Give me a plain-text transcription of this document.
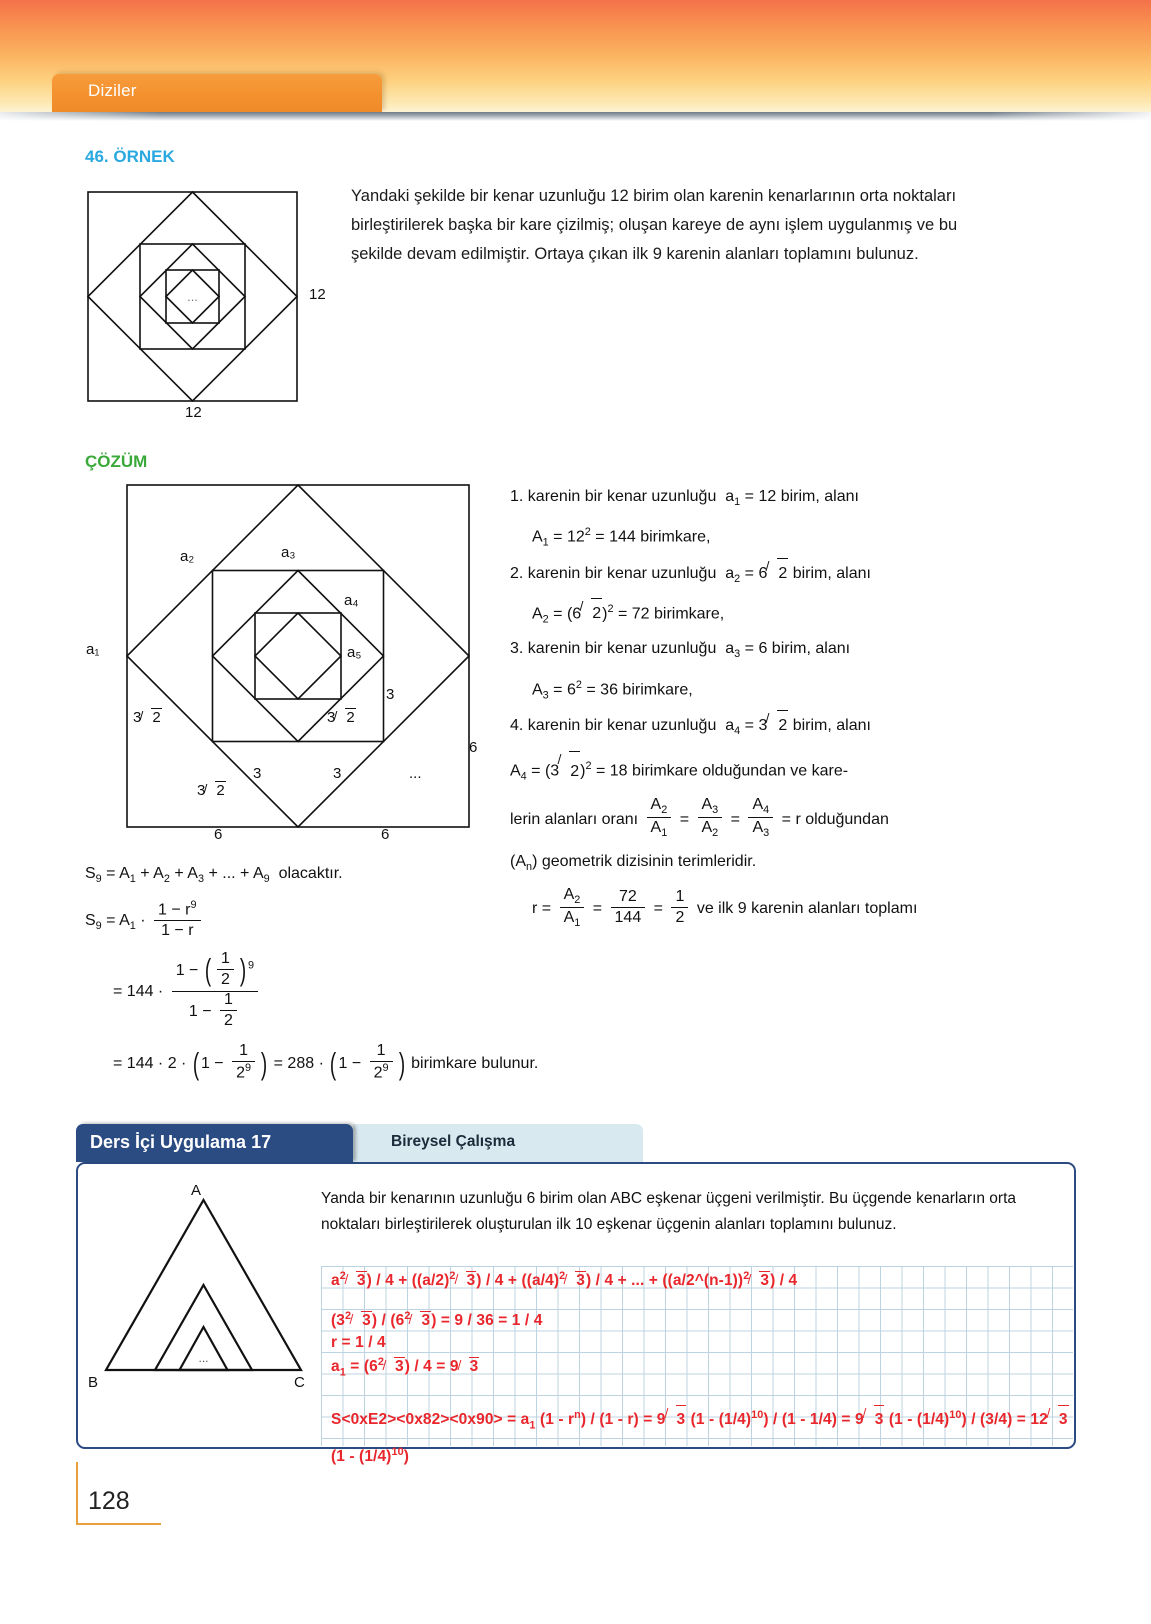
Diziler
46. ÖRNEK
Yandaki şekilde bir kenar uzunluğu 12 birim olan karenin kenarlarının orta noktaları birleştirilerek başka bir kare çizilmiş; oluşan kareye de aynı işlem uygulanmış ve bu şekilde devam edilmiştir. Ortaya çıkan ilk 9 karenin alanları toplamını bulunuz.
...	12
12
ÇÖZÜM
a₂	a₃
a₄
a₅
a₁
3
6
3	3	...
6	6
3 2
3 2
3 2
1. karenin bir kenar uzunluğu  $a_1 = 12$ birim, alanı
$A_1 = 12^2 = 144$ birimkare,
2. karenin bir kenar uzunluğu  $a_2 = 6$ 2 birim, alanı
$A_2 = (6$ 2)$^2$ = 72 birimkare,
3. karenin bir kenar uzunluğu  $a_3 = 6$ birim, alanı
$A_3 = 6^2 = 36$ birimkare,
4. karenin bir kenar uzunluğu  $a_4 = 3$ 2 birim, alanı
$A_4 = (3$ 2)$^2$ = 18 birimkare olduğundan ve kare-
lerin alanları oranı $\frac{A_2}{A_1} = \frac{A_3}{A_2} = \frac{A_4}{A_3} = r$ olduğundan
$(A_n)$ geometrik dizisinin terimleridir.
$r = \frac{A_2}{A_1} = \frac{72}{144} = \frac{1}{2}$ ve ilk 9 karenin alanları toplamı
$S_9 = A_1 + A_2 + A_3$ + ... + $A_9$ olacaktır.
$S_9 = A_1 \cdot \frac{1 - r^9}{1 - r}$
= $144 \cdot \frac{1 - ( \frac{1}{2} ) ^9}{1 - \frac{1}{2}}$
= 144 · 2 · ( $1 - \frac{1}{2^9}$ ) = 288 · ( $1 - \frac{1}{2^9}$ ) birimkare bulunur.
Bireysel Çalışma
Ders İçi Uygulama 17
Yanda bir kenarının uzunluğu 6 birim olan ABC eşkenar üçgeni verilmiştir. Bu üçgende kenarların orta noktaları birleştirilerek oluşturulan ilk 10 eşkenar üçgenin alanları toplamını bulunuz.
...
A
B	C
$a^2$ $3) / 4 + ((a/2)^2$ $3) / 4 + ((a/4)^2$ 3) / 4 + ... + ((a/2^(n-1))$^2$ 3) / 4
($3^2$ $3) / (6^2$ 3) = 9 / 36 = 1 / 4
r = 1 / 4
$a_1 = (6^2$ 3) / 4 = 9 3
$S<0xE2><0x82><0x90> = a_1$ $(1 - r^n) / (1 - r) = 9$ 3 $(1 - (1/4)^{10}) / (1 - 1/4) = 9$ 3 $(1 - (1/4)^{10}) / (3/4) = 12$ 3 $(1 - (1/4)^{10})$
128
